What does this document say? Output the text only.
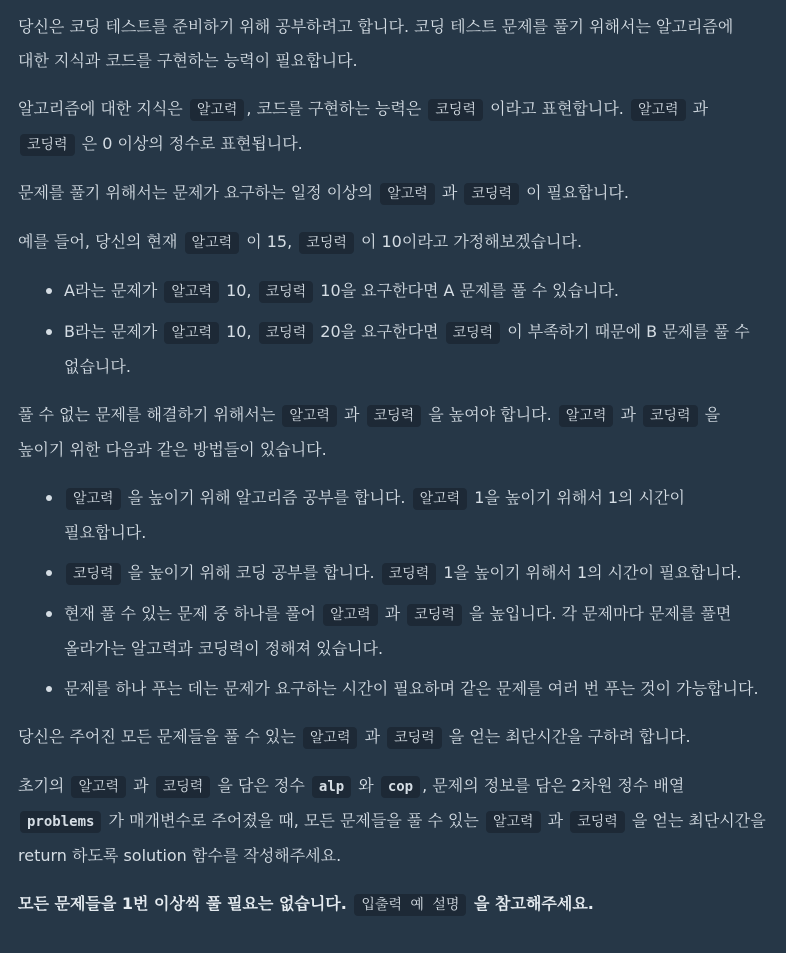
당신은 코딩 테스트를 준비하기 위해 공부하려고 합니다. 코딩 테스트 문제를 풀기 위해서는 알고리즘에 대한 지식과 코드를 구현하는 능력이 필요합니다.

알고리즘에 대한 지식은 알고력 , 코드를 구현하는 능력은 코딩력 이라고 표현합니다. 알고력 과 코딩력 은 0 이상의 정수로 표현됩니다.

문제를 풀기 위해서는 문제가 요구하는 일정 이상의 알고력 과 코딩력 이 필요합니다.

예를 들어, 당신의 현재 알고력 이 15, 코딩력 이 10이라고 가정해보겠습니다.

A라는 문제가 알고력 10, 코딩력 10을 요구한다면 A 문제를 풀 수 있습니다.
B라는 문제가 알고력 10, 코딩력 20을 요구한다면 코딩력 이 부족하기 때문에 B 문제를 풀 수 없습니다.

풀 수 없는 문제를 해결하기 위해서는 알고력 과 코딩력 을 높여야 합니다. 알고력 과 코딩력 을 높이기 위한 다음과 같은 방법들이 있습니다.

알고력 을 높이기 위해 알고리즘 공부를 합니다. 알고력 1을 높이기 위해서 1의 시간이 필요합니다.
코딩력 을 높이기 위해 코딩 공부를 합니다. 코딩력 1을 높이기 위해서 1의 시간이 필요합니다.
현재 풀 수 있는 문제 중 하나를 풀어 알고력 과 코딩력 을 높입니다. 각 문제마다 문제를 풀면 올라가는 알고력과 코딩력이 정해져 있습니다.
문제를 하나 푸는 데는 문제가 요구하는 시간이 필요하며 같은 문제를 여러 번 푸는 것이 가능합니다.

당신은 주어진 모든 문제들을 풀 수 있는 알고력 과 코딩력 을 얻는 최단시간을 구하려 합니다.

초기의 알고력 과 코딩력 을 담은 정수 alp 와 cop , 문제의 정보를 담은 2차원 정수 배열 problems 가 매개변수로 주어졌을 때, 모든 문제들을 풀 수 있는 알고력 과 코딩력 을 얻는 최단시간을 return 하도록 solution 함수를 작성해주세요.

모든 문제들을 1번 이상씩 풀 필요는 없습니다. 입출력 예 설명 을 참고해주세요.
